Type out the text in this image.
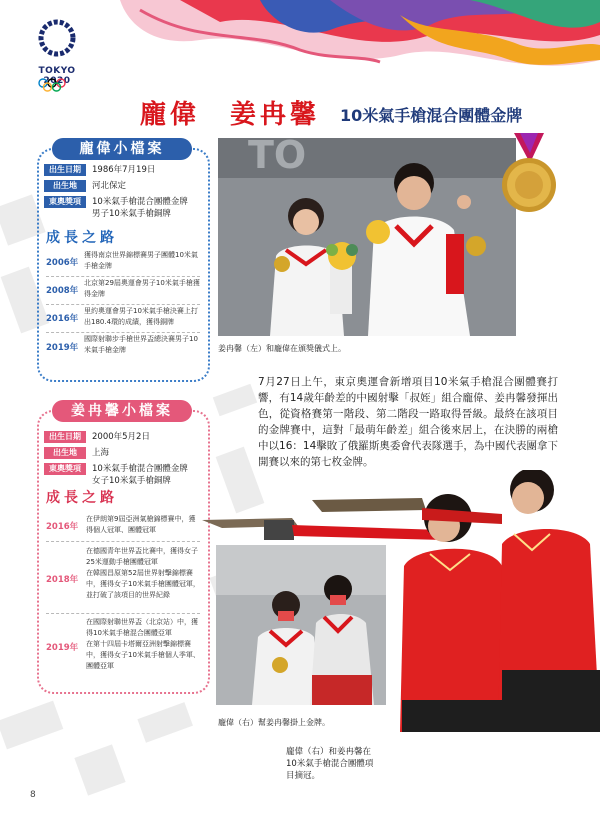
TOKYO 2020
龐偉　姜冉馨 10米氣手槍混合團體金牌
龐偉小檔案
出生日期 1986年7月19日
出生地 河北保定
東奧獎項 10米氣手槍混合團體金牌
男子10米氣手槍銅牌
成長之路
2006年
獲得南京世界錦標賽男子團體10米氣手槍金牌
2008年
北京第29屆奧運會男子10米氣手槍獲得金牌
2016年
里約奧運會男子10米氣手槍決賽上打出180.4環的成績，獲得銅牌
2019年
國際射聯步手槍世界盃總決賽男子10米氣手槍金牌
姜冉馨小檔案
出生日期 2000年5月2日
出生地 上海
東奧獎項 10米氣手槍混合團體金牌
女子10米氣手槍銅牌
成長之路
2016年
在伊朗第9屆亞洲氣槍錦標賽中，獲得個人冠軍、團體冠軍
2018年
在德國青年世界盃比賽中，獲得女子25米運動手槍團體冠軍
在韓國昌原第52屆世界射擊錦標賽中，獲得女子10米氣手槍團體冠軍，並打破了該項目的世界紀錄
2019年
在國際射聯世界盃（北京站）中，獲得10米氣手槍混合團體亞軍
在第十四屆卡塔爾亞洲射擊錦標賽中，獲得女子10米氣手槍個人季軍、團體亞軍
TO
姜冉馨（左）和龐偉在頒獎儀式上。
7月27日上午，東京奧運會新增項目10米氣手槍混合團體賽打響，有14歲年齡差的中國射擊「叔姪」組合龐偉、姜冉馨發揮出色，從資格賽第一階段、第二階段一路取得晉級。最終在該項目的金牌賽中，這對「最萌年齡差」組合後來居上，在決勝的兩槍中以16：14擊敗了俄羅斯奧委會代表隊選手，為中國代表團拿下開賽以來的第七枚金牌。
龐偉（右）幫姜冉馨掛上金牌。
龐偉（右）和姜冉馨在
10米氣手槍混合團體項
目摘冠。
8
